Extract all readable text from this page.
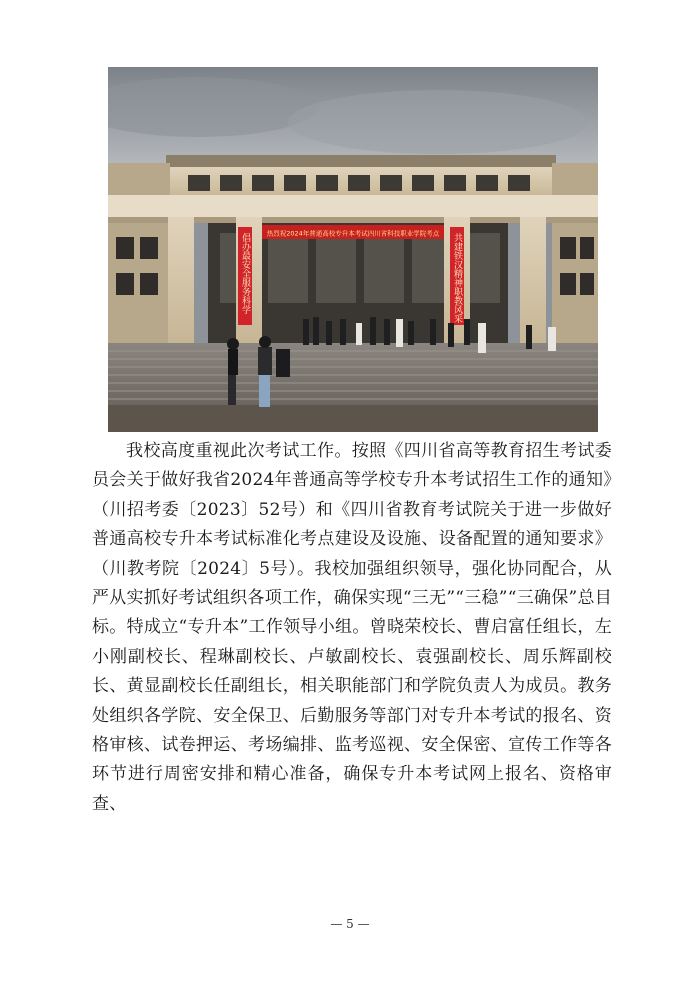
热烈祝2024年普通高校专升本考试四川省科技职业学院考点
倡办最安全服务科学	共建铁汉精神职教风采

我校高度重视此次考试工作。按照《四川省高等教育招生考试委员会关于做好我省2024年普通高等学校专升本考试招生工作的通知》（川招考委〔2023〕52号）和《四川省教育考试院关于进一步做好普通高校专升本考试标准化考点建设及设施、设备配置的通知要求》（川教考院〔2024〕5号）。我校加强组织领导，强化协同配合，从严从实抓好考试组织各项工作，确保实现“三无”“三稳”“三确保”总目标。特成立“专升本”工作领导小组。曾晓荣校长、曹启富任组长，左小刚副校长、程琳副校长、卢敏副校长、袁强副校长、周乐辉副校长、黄显副校长任副组长，相关职能部门和学院负责人为成员。教务处组织各学院、安全保卫、后勤服务等部门对专升本考试的报名、资格审核、试卷押运、考场编排、监考巡视、安全保密、宣传工作等各环节进行周密安排和精心准备，确保专升本考试网上报名、资格审查、

— 5 —
